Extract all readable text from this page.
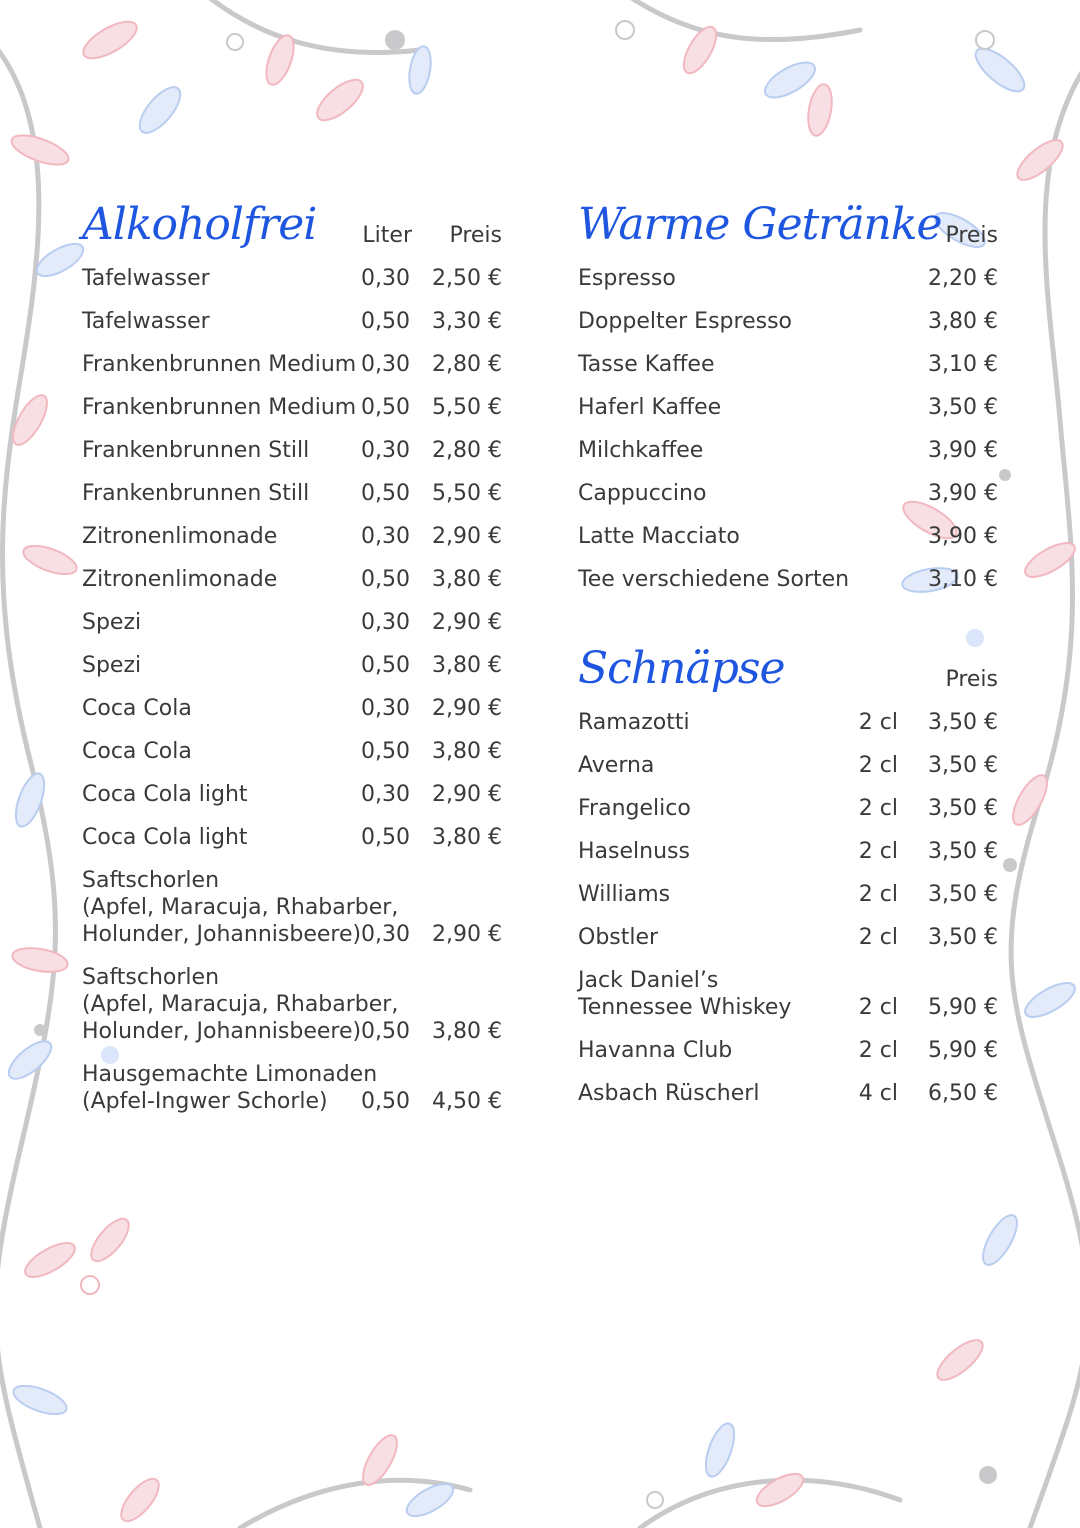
Alkoholfrei Liter Preis
Tafelwasser	0,30 2,50 €
Tafelwasser	0,50 3,30 €
Frankenbrunnen Medium 0,30 2,80 €
Frankenbrunnen Medium 0,50 5,50 €
Frankenbrunnen Still	0,30 2,80 €
Frankenbrunnen Still	0,50 5,50 €
Zitronenlimonade	0,30 2,90 €
Zitronenlimonade	0,50 3,80 €
Spezi	0,30 2,90 €
Spezi	0,50 3,80 €
Coca Cola	0,30 2,90 €
Coca Cola	0,50 3,80 €
Coca Cola light	0,30 2,90 €
Coca Cola light	0,50 3,80 €
Saftschorlen
(Apfel, Maracuja, Rhabarber,
Holunder, Johannisbeere) 0,30 2,90 €
Saftschorlen
(Apfel, Maracuja, Rhabarber,
Holunder, Johannisbeere) 0,50 3,80 €
Hausgemachte Limonaden
(Apfel-Ingwer Schorle)	0,50 4,50 €
Warme Getränke Preis
Espresso	2,20 €
Doppelter Espresso	3,80 €
Tasse Kaffee	3,10 €
Haferl Kaffee	3,50 €
Milchkaffee	3,90 €
Cappuccino	3,90 €
Latte Macciato	3,90 €
Tee verschiedene Sorten	3,10 €
Schnäpse	Preis
Ramazotti	2 cl 3,50 €
Averna	2 cl 3,50 €
Frangelico	2 cl 3,50 €
Haselnuss	2 cl 3,50 €
Williams	2 cl 3,50 €
Obstler	2 cl 3,50 €
Jack Daniel’s
Tennessee Whiskey	2 cl 5,90 €
Havanna Club	2 cl 5,90 €
Asbach Rüscherl	4 cl 6,50 €
